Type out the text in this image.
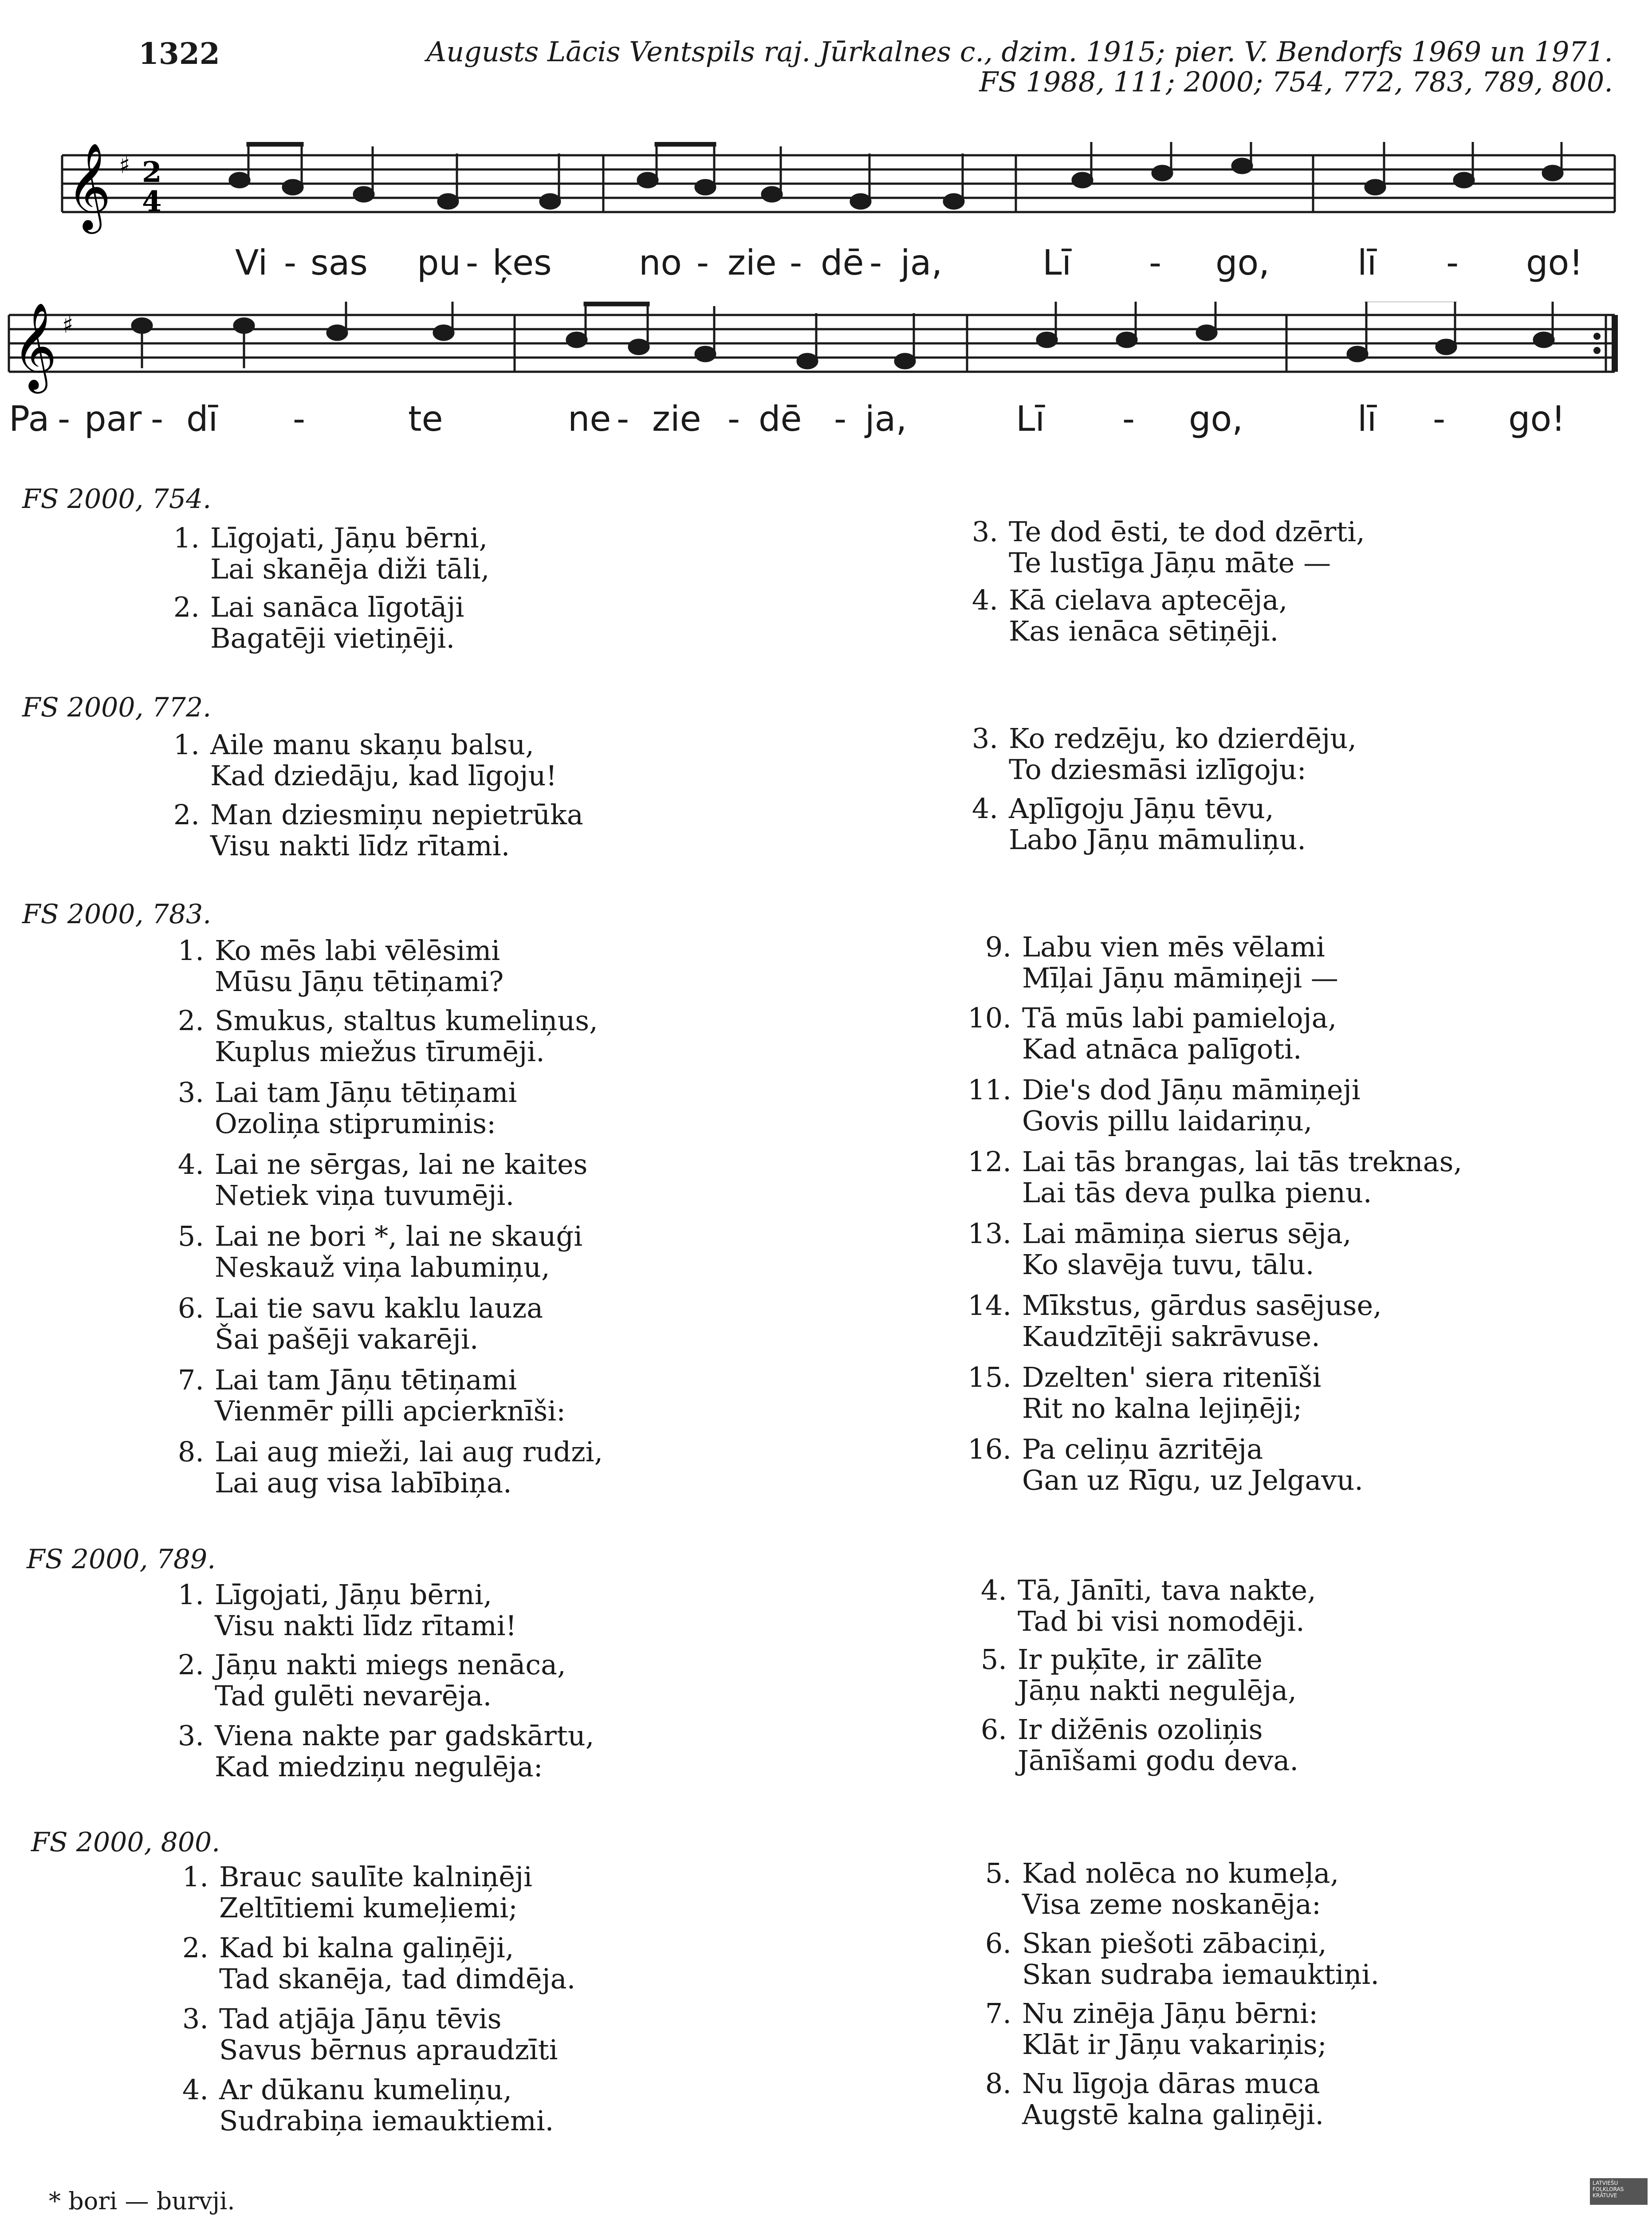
1322	Augusts Lācis Ventspils raj. Jūrkalnes c., dzim. 1915; pier. V. Bendorfs 1969 un 1971.
FS 1988, 111; 2000; 754, 772, 783, 789, 800.
𝄞 ♯ 2
4
Vi - sas pu - ķes	no - zie - dē - ja,	Lī - go,	lī - go!
𝄞 ♯
Pa - par - dī -	te	ne - zie - dē - ja,	Lī - go,	lī - go!
FS 2000, 754.
1. Līgojati, Jāņu bērni,
Lai skanēja diži tāli,
2. Lai sanāca līgotāji
Bagatēji vietiņēji.
3. Te dod ēsti, te dod dzērti,
Te lustīga Jāņu māte —
4. Kā cielava aptecēja,
Kas ienāca sētiņēji.
FS 2000, 772.
1. Aile manu skaņu balsu,
Kad dziedāju, kad līgoju!
2. Man dziesmiņu nepietrūka
Visu nakti līdz rītami.
3. Ko redzēju, ko dzierdēju,
To dziesmāsi izlīgoju:
4. Aplīgoju Jāņu tēvu,
Labo Jāņu māmuliņu.
FS 2000, 783.
1. Ko mēs labi vēlēsimi
Mūsu Jāņu tētiņami?
2. Smukus, staltus kumeliņus,
Kuplus miežus tīrumēji.
3. Lai tam Jāņu tētiņami
Ozoliņa stipruminis:
4. Lai ne sērgas, lai ne kaites
Netiek viņa tuvumēji.
5. Lai ne bori *, lai ne skauģi
Neskauž viņa labumiņu,
6. Lai tie savu kaklu lauza
Šai pašēji vakarēji.
7. Lai tam Jāņu tētiņami
Vienmēr pilli apcierknīši:
8. Lai aug mieži, lai aug rudzi,
Lai aug visa labībiņa.
9. Labu vien mēs vēlami
Mīļai Jāņu māmiņeji —
10. Tā mūs labi pamieloja,
Kad atnāca palīgoti.
11. Die's dod Jāņu māmiņeji
Govis pillu laidariņu,
12. Lai tās brangas, lai tās treknas,
Lai tās deva pulka pienu.
13. Lai māmiņa sierus sēja,
Ko slavēja tuvu, tālu.
14. Mīkstus, gārdus sasējuse,
Kaudzītēji sakrāvuse.
15. Dzelten' siera ritenīši
Rit no kalna lejiņēji;
16. Pa celiņu āzritēja
Gan uz Rīgu, uz Jelgavu.
FS 2000, 789.
1. Līgojati, Jāņu bērni,
Visu nakti līdz rītami!
2. Jāņu nakti miegs nenāca,
Tad gulēti nevarēja.
3. Viena nakte par gadskārtu,
Kad miedziņu negulēja:
4. Tā, Jānīti, tava nakte,
Tad bi visi nomodēji.
5. Ir puķīte, ir zālīte
Jāņu nakti negulēja,
6. Ir dižēnis ozoliņis
Jānīšami godu deva.
FS 2000, 800.
1. Brauc saulīte kalniņēji
Zeltītiemi kumeļiemi;
2. Kad bi kalna galiņēji,
Tad skanēja, tad dimdēja.
3. Tad atjāja Jāņu tēvis
Savus bērnus apraudzīti
4. Ar dūkanu kumeliņu,
Sudrabiņa iemauktiemi.
5. Kad nolēca no kumeļa,
Visa zeme noskanēja:
6. Skan piešoti zābaciņi,
Skan sudraba iemauktiņi.
7. Nu zinēja Jāņu bērni:
Klāt ir Jāņu vakariņis;
8. Nu līgoja dāras muca
Augstē kalna galiņēji.
* bori — burvji.
LATVIEŠU FOLKLORAS KRĀTUVE
